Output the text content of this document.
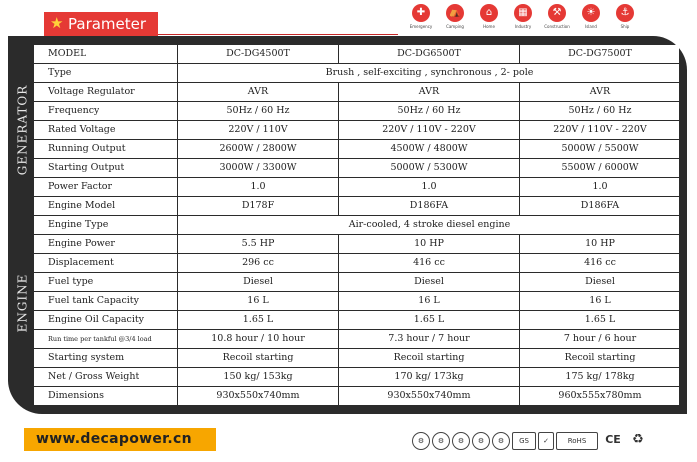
★ Parameter
✚
Emergency
⛺
Camping
⌂
Home
▦
Industry
⚒
Construction
☀
Island
⚓
Ship
GENERATOR
ENGINE
MODEL	DC-DG4500T	DC-DG6500T	DC-DG7500T
Type	Brush , self-exciting , synchronous , 2- pole
Voltage Regulator	AVR	AVR	AVR
Frequency	50Hz / 60 Hz	50Hz / 60 Hz	50Hz / 60 Hz
Rated Voltage	220V / 110V	220V / 110V - 220V	220V / 110V - 220V
Running Output	2600W / 2800W	4500W / 4800W	5000W / 5500W
Starting Output	3000W / 3300W	5000W / 5300W	5500W / 6000W
Power Factor	1.0	1.0	1.0
Engine Model	D178F	D186FA	D186FA
Engine Type	Air-cooled, 4 stroke diesel engine
Engine Power	5.5 HP	10 HP	10 HP
Displacement	296 cc	416 cc	416 cc
Fuel type	Diesel	Diesel	Diesel
Fuel tank Capacity	16 L	16 L	16 L
Engine Oil Capacity	1.65 L	1.65 L	1.65 L
Run time per tankful @3/4 load	10.8 hour / 10 hour	7.3 hour / 7 hour	7 hour / 6 hour
Starting system	Recoil starting	Recoil starting	Recoil starting
Net / Gross Weight	150 kg/ 153kg	170 kg/ 173kg	175 kg/ 178kg
Dimensions	930x550x740mm	930x550x740mm	960x555x780mm
www.decapower.cn	⚙	⚙	⚙	⚙	⚙	GS	✓	RoHS	CE ♻
